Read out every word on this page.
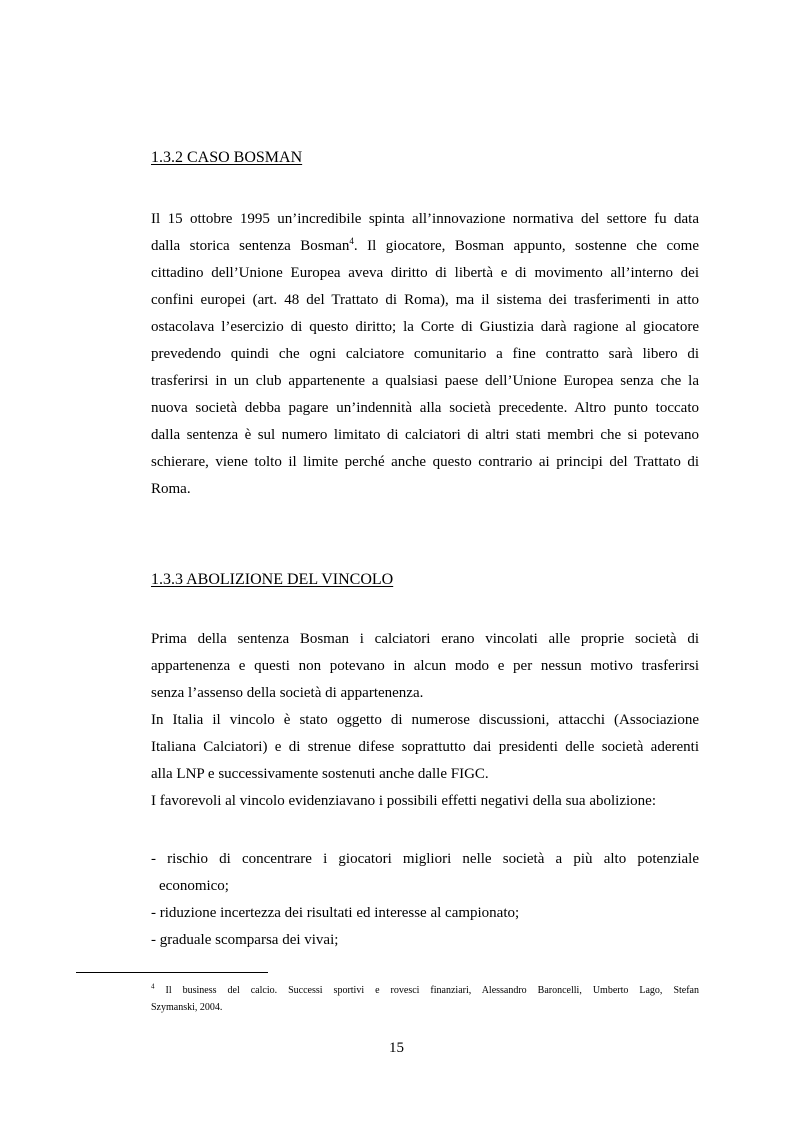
1.3.2 CASO BOSMAN
Il 15 ottobre 1995 un’incredibile spinta all’innovazione normativa del settore fu data
dalla storica sentenza Bosman$^4$. Il giocatore, Bosman appunto, sostenne che come
cittadino dell’Unione Europea aveva diritto di libertà e di movimento all’interno dei
confini europei (art. 48 del Trattato di Roma), ma il sistema dei trasferimenti in atto
ostacolava l’esercizio di questo diritto; la Corte di Giustizia darà ragione al giocatore
prevedendo quindi che ogni calciatore comunitario a fine contratto sarà libero di
trasferirsi in un club appartenente a qualsiasi paese dell’Unione Europea senza che la
nuova società debba pagare un’indennità alla società precedente. Altro punto toccato
dalla sentenza è sul numero limitato di calciatori di altri stati membri che si potevano
schierare, viene tolto il limite perché anche questo contrario ai principi del Trattato di
Roma.
1.3.3 ABOLIZIONE DEL VINCOLO
Prima della sentenza Bosman i calciatori erano vincolati alle proprie società di
appartenenza e questi non potevano in alcun modo e per nessun motivo trasferirsi
senza l’assenso della società di appartenenza.
In Italia il vincolo è stato oggetto di numerose discussioni, attacchi (Associazione
Italiana Calciatori) e di strenue difese soprattutto dai presidenti delle società aderenti
alla LNP e successivamente sostenuti anche dalle FIGC.
I favorevoli al vincolo evidenziavano i possibili effetti negativi della sua abolizione:
- rischio di concentrare i giocatori migliori nelle società a più alto potenziale
economico;
- riduzione incertezza dei risultati ed interesse al campionato;
- graduale scomparsa dei vivai;
$^4$ Il business del calcio. Successi sportivi e rovesci finanziari, Alessandro Baroncelli, Umberto Lago, Stefan
Szymanski, 2004.
15
